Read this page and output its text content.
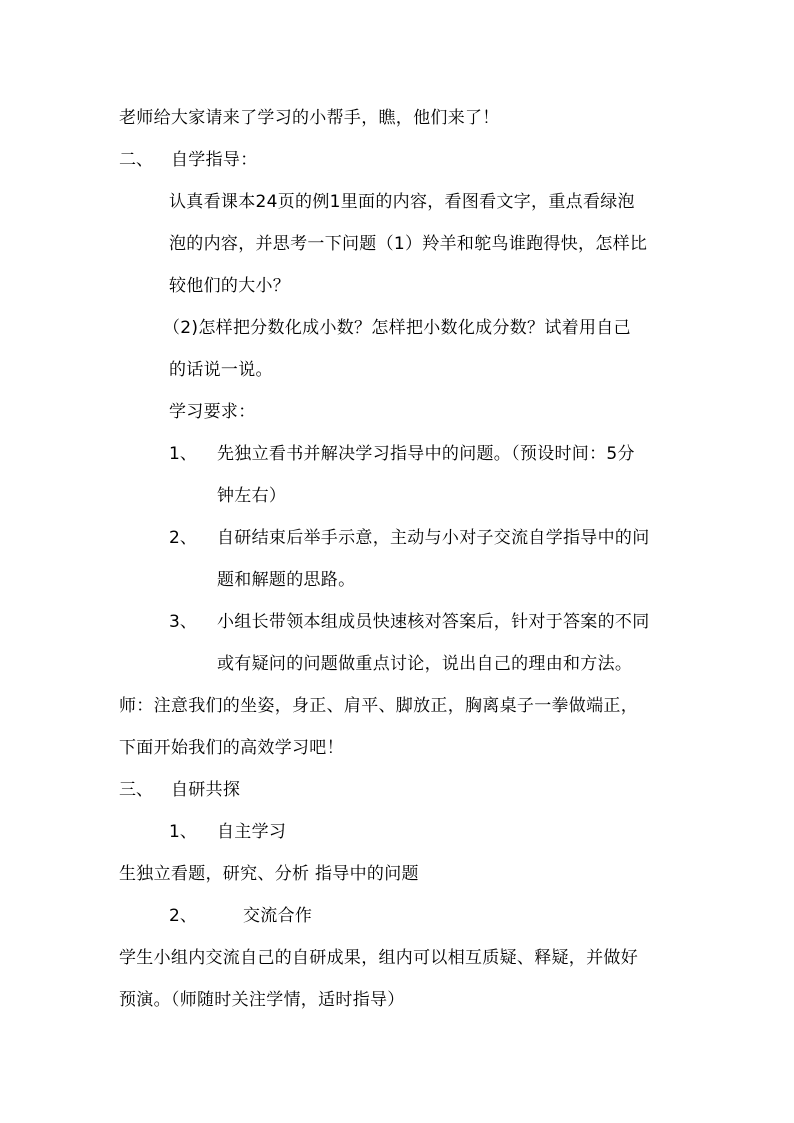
老师给大家请来了学习的小帮手，瞧，他们来了！
二、 自学指导：
认真看课本24页的例1里面的内容，看图看文字，重点看绿泡
泡的内容，并思考一下问题（1）羚羊和鸵鸟谁跑得快，怎样比
较他们的大小？
（2)怎样把分数化成小数？怎样把小数化成分数？试着用自己
的话说一说。
学习要求：
1、 先独立看书并解决学习指导中的问题。（预设时间：5分
钟左右）
2、 自研结束后举手示意，主动与小对子交流自学指导中的问
题和解题的思路。
3、 小组长带领本组成员快速核对答案后，针对于答案的不同
或有疑问的问题做重点讨论，说出自己的理由和方法。
师：注意我们的坐姿，身正、肩平、脚放正，胸离桌子一拳做端正，
下面开始我们的高效学习吧！
三、 自研共探
1、 自主学习
生独立看题，研究、分析 指导中的问题
2、	交流合作
学生小组内交流自己的自研成果，组内可以相互质疑、释疑，并做好
预演。（师随时关注学情，适时指导）
